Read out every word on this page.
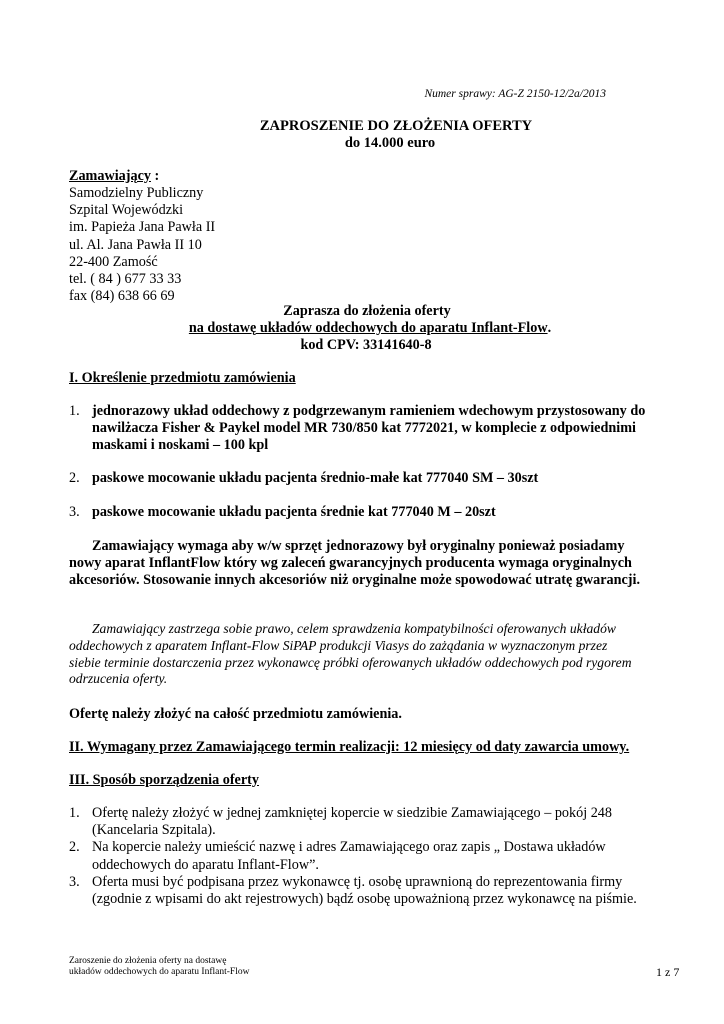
Numer sprawy: AG-Z 2150-12/2a/2013
ZAPROSZENIE DO ZŁOŻENIA OFERTY
do 14.000 euro
Zamawiający :
Samodzielny Publiczny
Szpital Wojewódzki
im. Papieża Jana Pawła II
ul. Al. Jana Pawła II 10
22-400 Zamość
tel. ( 84 ) 677 33 33
fax (84) 638 66 69
Zaprasza do złożenia oferty
na dostawę układów oddechowych do aparatu Inflant-Flow.
kod CPV: 33141640-8
I. Określenie przedmiotu zamówienia
1. jednorazowy układ oddechowy z podgrzewanym ramieniem wdechowym przystosowany do nawilżacza Fisher & Paykel model MR 730/850 kat 7772021, w komplecie z odpowiednimi maskami i noskami – 100 kpl
2. paskowe mocowanie układu pacjenta średnio-małe kat 777040 SM – 30szt
3. paskowe mocowanie układu pacjenta średnie kat 777040 M – 20szt
Zamawiający wymaga aby w/w sprzęt jednorazowy był oryginalny ponieważ posiadamy nowy aparat InflantFlow który wg zaleceń gwarancyjnych producenta wymaga oryginalnych akcesoriów. Stosowanie innych akcesoriów niż oryginalne może spowodować utratę gwarancji.
Zamawiający zastrzega sobie prawo, celem sprawdzenia kompatybilności oferowanych układów oddechowych z aparatem Inflant-Flow SiPAP produkcji Viasys do zażądania w wyznaczonym przez siebie terminie dostarczenia przez wykonawcę próbki oferowanych układów oddechowych pod rygorem odrzucenia oferty.
Ofertę należy złożyć na całość przedmiotu zamówienia.
II. Wymagany przez Zamawiającego termin realizacji: 12 miesięcy od daty zawarcia umowy.
III. Sposób sporządzenia oferty
1. Ofertę należy złożyć w jednej zamkniętej kopercie w siedzibie Zamawiającego – pokój 248 (Kancelaria Szpitala).
2. Na kopercie należy umieścić nazwę i adres Zamawiającego oraz zapis „ Dostawa układów oddechowych do aparatu Inflant-Flow”.
3. Oferta musi być podpisana przez wykonawcę tj. osobę uprawnioną do reprezentowania firmy (zgodnie z wpisami do akt rejestrowych) bądź osobę upoważnioną przez wykonawcę na piśmie.
Zaroszenie do złożenia oferty na dostawę
układów oddechowych do aparatu Inflant-Flow	1 z 7
